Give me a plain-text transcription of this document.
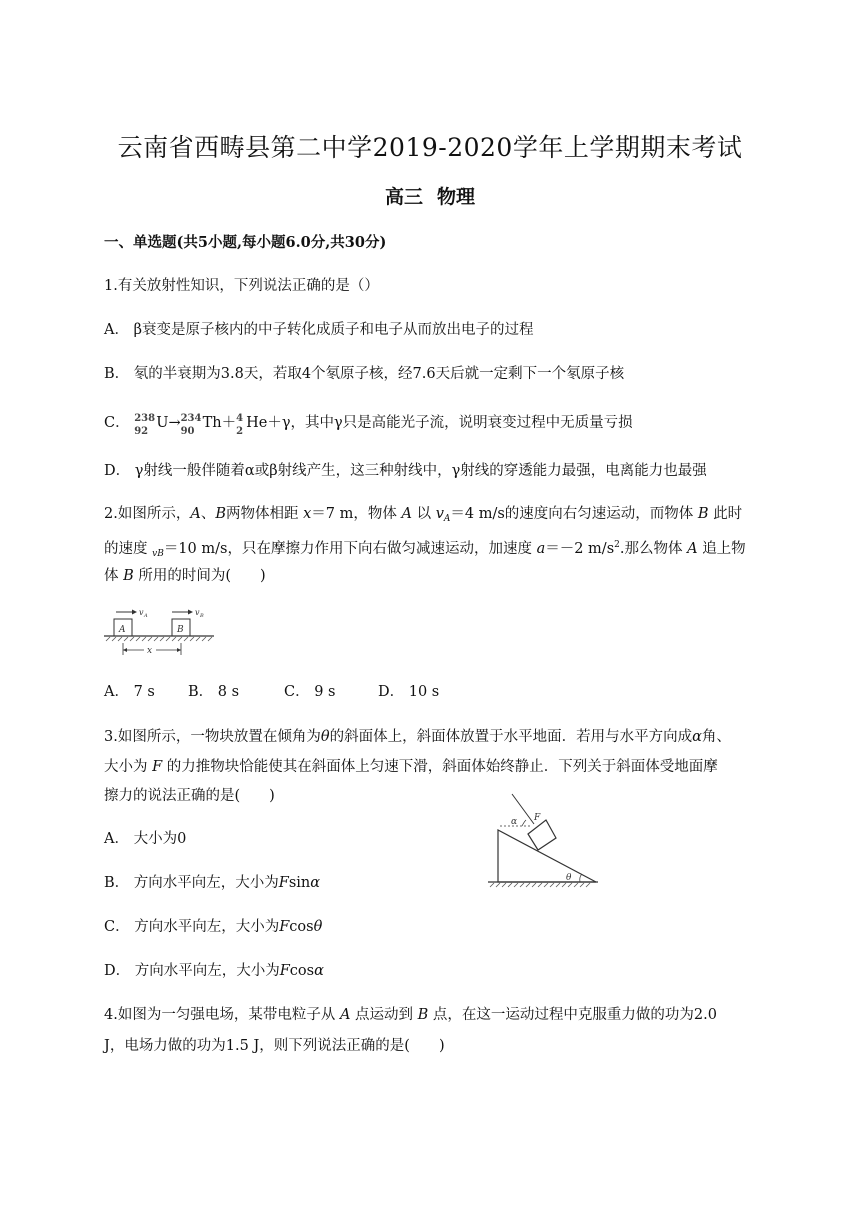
云南省西畴县第二中学2019-2020学年上学期期末考试
高三 物理
一、单选题(共5小题,每小题6.0分,共30分)
1.有关放射性知识，下列说法正确的是（）
A． β衰变是原子核内的中子转化成质子和电子从而放出电子的过程
B． 氡的半衰期为3.8天，若取4个氡原子核，经7.6天后就一定剩下一个氡原子核
C． 238
92
U→ 234
90
Th＋ 4
2
He＋γ，其中γ只是高能光子流，说明衰变过程中无质量亏损
D． γ射线一般伴随着α或β射线产生，这三种射线中，γ射线的穿透能力最强，电离能力也最强
2.如图所示，A、B两物体相距 x＝7 m，物体 A 以 $v_A=4$ m/s的速度向右匀速运动，而物体 B 此时
的速度 $_{vB}$＝10 m/s，只在摩擦力作用下向右做匀减速运动，加速度 a＝－2 $m/s^2$.那么物体 A 追上物
体 B 所用的时间为(　　)
v A	v B
A	B
x
A． 7 s B． 8 s	C． 9 s	D． 10 s
3.如图所示，一物块放置在倾角为θ的斜面体上，斜面体放置于水平地面．若用与水平方向成α角、
大小为 F 的力推物块恰能使其在斜面体上匀速下滑，斜面体始终静止．下列关于斜面体受地面摩
擦力的说法正确的是(　　)
α F
θ
A． 大小为0
B． 方向水平向左，大小为Fsinα
C． 方向水平向左，大小为Fcosθ
D． 方向水平向左，大小为Fcosα
4.如图为一匀强电场，某带电粒子从 A 点运动到 B 点，在这一运动过程中克服重力做的功为2.0
J，电场力做的功为1.5 J，则下列说法正确的是(　　)
